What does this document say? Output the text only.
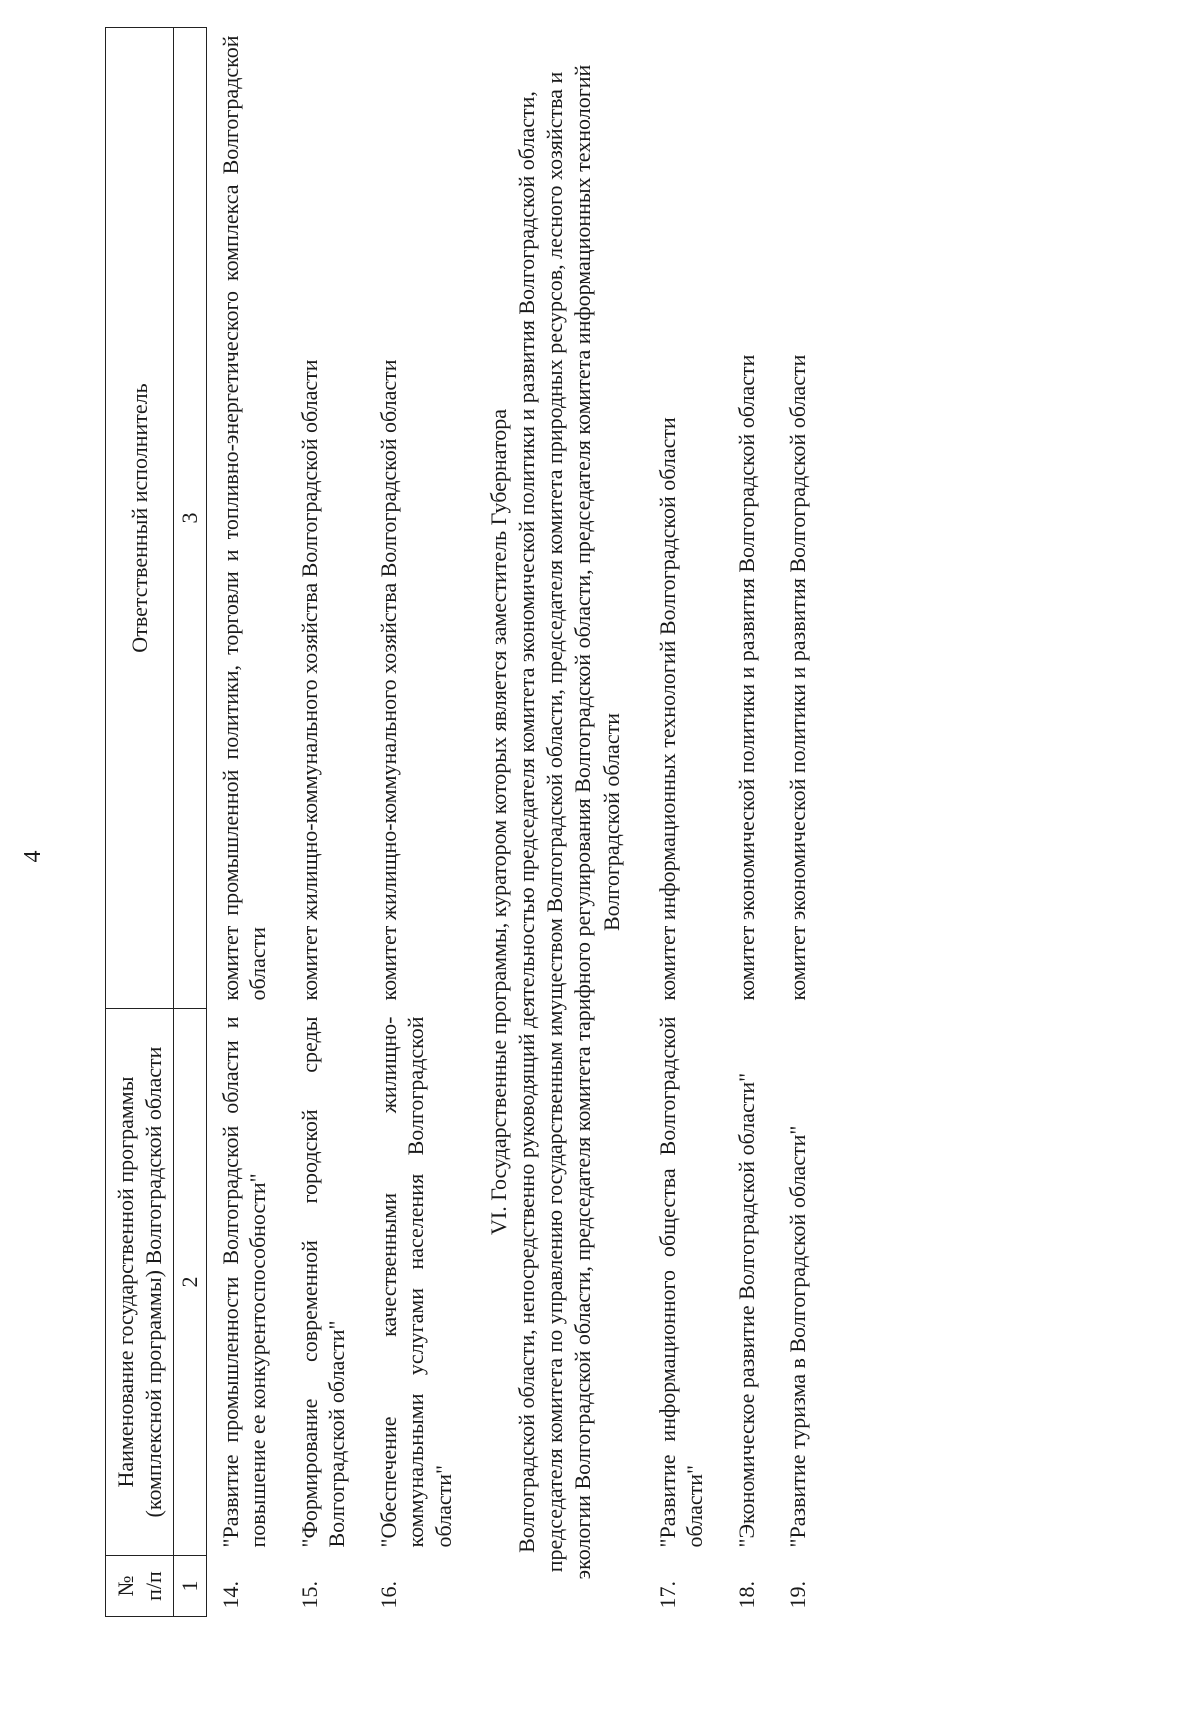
4
№ п/п	Наименование государственной программы (комплексной программы) Волгоградской области	Ответственный исполнитель
1	2	3
14.	"Развитие промышленности Волгоградской области и повышение ее конкурентоспособности"	комитет промышленной политики, торговли и топливно-энергетического комплекса Волгоградской области
15.	"Формирование современной городской среды Волгоградской области"	комитет жилищно-коммунального хозяйства Волгоградской области
16.	"Обеспечение качественными жилищно-коммунальными услугами населения Волгоградской области"	комитет жилищно-коммунального хозяйства Волгоградской области

VI. Государственные программы, куратором которых является заместитель Губернатора Волгоградской области, непосредственно руководящий деятельностью председателя комитета экономической политики и развития Волгоградской области, председателя комитета по управлению государственным имуществом Волгоградской области, председателя комитета природных ресурсов, лесного хозяйства и экологии Волгоградской области, председателя комитета тарифного регулирования Волгоградской области, председателя комитета информационных технологий Волгоградской области		
17.	"Развитие информационного общества Волгоградской области"	комитет информационных технологий Волгоградской области
18.	"Экономическое развитие Волгоградской области"	комитет экономической политики и развития Волгоградской области
19.	"Развитие туризма в Волгоградской области"	комитет экономической политики и развития Волгоградской области
